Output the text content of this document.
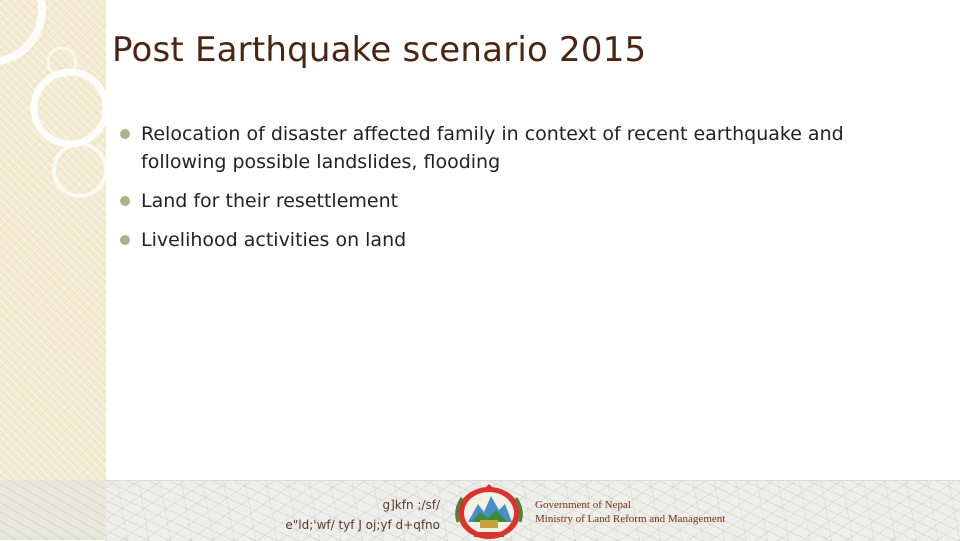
Post Earthquake scenario 2015
Relocation of disaster affected family in context of recent earthquake and following possible landslides, flooding
Land for their resettlement
Livelihood activities on land
g]kfn ;/sf/
e"ld;'wf/ tyf J oj;yf d+qfno
Government of Nepal
Ministry of Land Reform and Management
